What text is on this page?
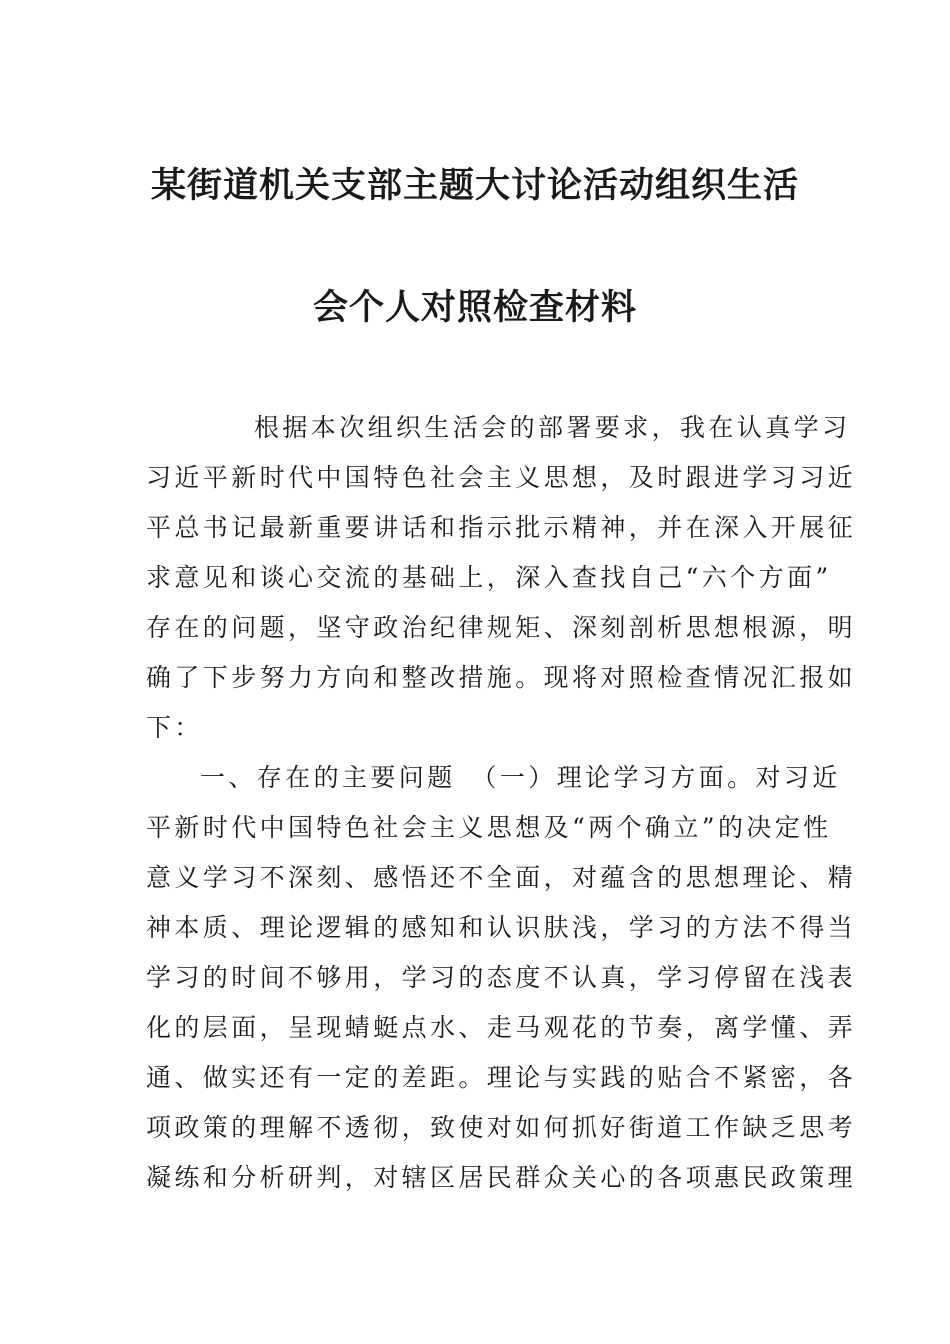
某街道机关支部主题大讨论活动组织生活
会个人对照检查材料
根据本次组织生活会的部署要求，我在认真学习
习近平新时代中国特色社会主义思想，及时跟进学习习近
平总书记最新重要讲话和指示批示精神，并在深入开展征
求意见和谈心交流的基础上，深入查找自己“六个方面”
存在的问题，坚守政治纪律规矩、深刻剖析思想根源，明
确了下步努力方向和整改措施。现将对照检查情况汇报如
下：
一、存在的主要问题　（一）理论学习方面。对习近
平新时代中国特色社会主义思想及“两个确立”的决定性
意义学习不深刻、感悟还不全面，对蕴含的思想理论、精
神本质、理论逻辑的感知和认识肤浅，学习的方法不得当
学习的时间不够用，学习的态度不认真，学习停留在浅表
化的层面，呈现蜻蜓点水、走马观花的节奏，离学懂、弄
通、做实还有一定的差距。理论与实践的贴合不紧密，各
项政策的理解不透彻，致使对如何抓好街道工作缺乏思考
凝练和分析研判，对辖区居民群众关心的各项惠民政策理
